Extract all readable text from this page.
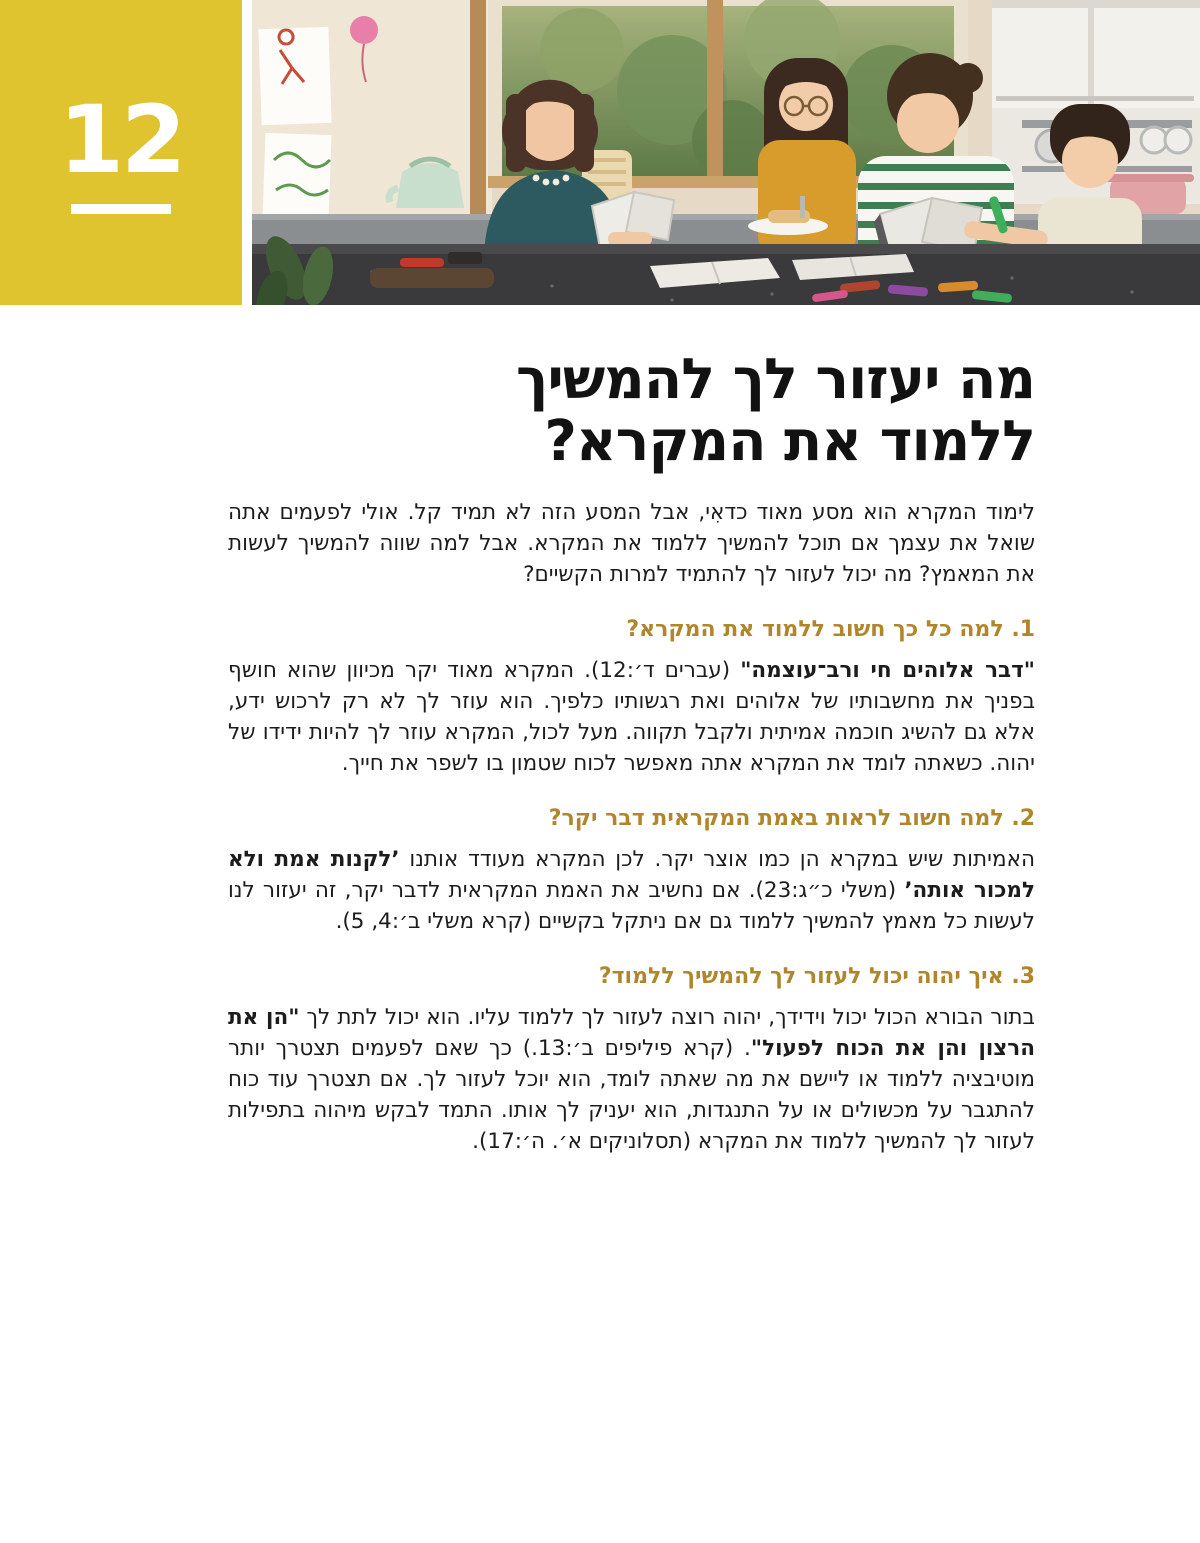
12
מה יעזור לך להמשיך
ללמוד את המקרא?

לימוד המקרא הוא מסע מאוד כדאִי, אבל המסע הזה לא תמיד קל. אולי לפעמים אתה שואל את עצמך אם תוכל להמשיך ללמוד את המקרא. אבל למה שווה להמשיך לעשות את המאמץ? מה יכול לעזור לך להתמיד למרות הקשיים?

1. למה כל כך חשוב ללמוד את המקרא?

"דבר אלוהים חי ורב־עוצמה" (עברים ד׳:12). המקרא מאוד יקר מכיוון שהוא חושף בפניך את מחשבותיו של אלוהים ואת רגשותיו כלפיך. הוא עוזר לך לא רק לרכוש ידע, אלא גם להשיג חוכמה אמיתית ולקבל תקווה. מעל לכול, המקרא עוזר לך להיות ידידו של יהוה. כשאתה לומד את המקרא אתה מאפשר לכוח שטמון בו לשפר את חייך.

2. למה חשוב לראות באמת המקראית דבר יקר?

האמיתות שיש במקרא הן כמו אוצר יקר. לכן המקרא מעודד אותנו ’לקנות אמת ולא למכור אותה’ (משלי כ״ג:23). אם נחשיב את האמת המקראית לדבר יקר, זה יעזור לנו לעשות כל מאמץ להמשיך ללמוד גם אם ניתקל בקשיים (קרא משלי ב׳:4, 5).

3. איך יהוה יכול לעזור לך להמשיך ללמוד?

בתור הבורא הכול יכול וידידך, יהוה רוצה לעזור לך ללמוד עליו. הוא יכול לתת לך "הן את הרצון והן את הכוח לפעול". (קרא פיליפים ב׳:13.) כך שאם לפעמים תצטרך יותר מוטיבציה ללמוד או ליישם את מה שאתה לומד, הוא יוכל לעזור לך. אם תצטרך עוד כוח להתגבר על מכשולים או על התנגדות, הוא יעניק לך אותו. התמד לבקש מיהוה בתפילות לעזור לך להמשיך ללמוד את המקרא (תסלוניקים א׳. ה׳:17).
